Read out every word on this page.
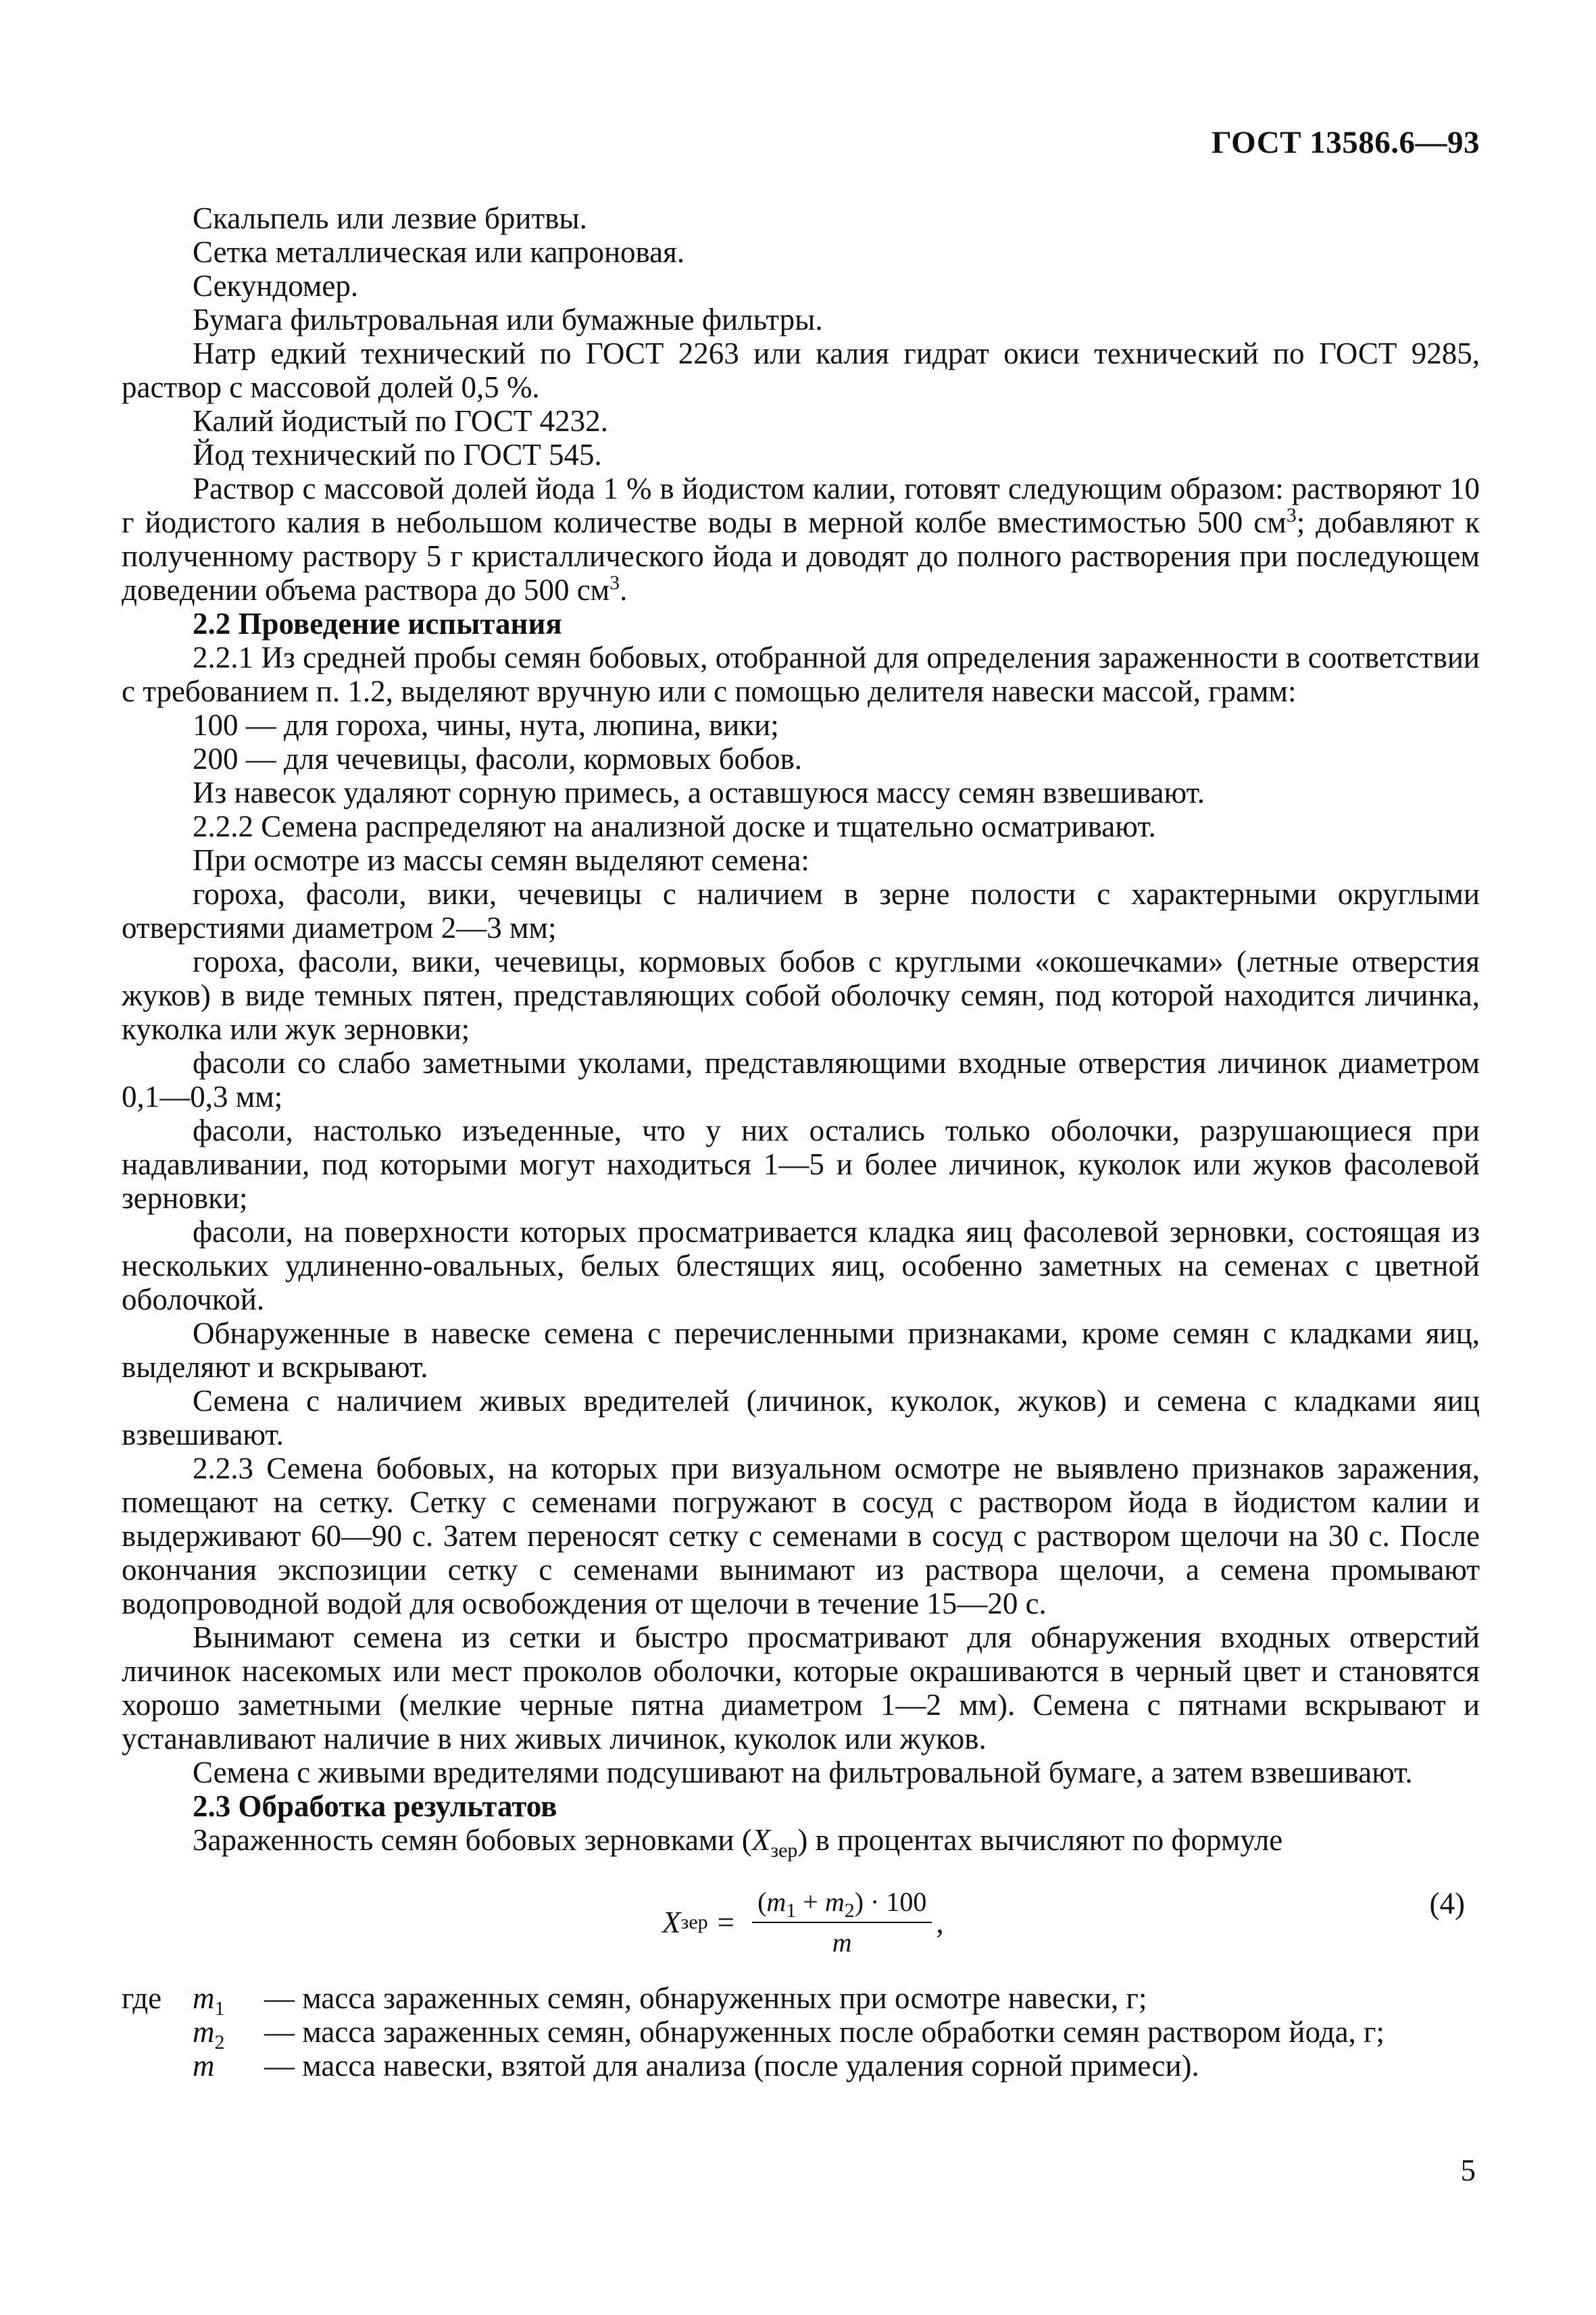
ГОСТ 13586.6—93

Скальпель или лезвие бритвы.

Сетка металлическая или капроновая.

Секундомер.

Бумага фильтровальная или бумажные фильтры.

Натр едкий технический по ГОСТ 2263 или калия гидрат окиси технический по ГОСТ 9285, раствор с массовой долей 0,5 %.

Калий йодистый по ГОСТ 4232.

Йод технический по ГОСТ 545.

Раствор с массовой долей йода 1 % в йодистом калии, готовят следующим образом: растворяют 10 г йодистого калия в небольшом количестве воды в мерной колбе вместимостью 500 $см^3$; добавляют к полученному раствору 5 г кристаллического йода и доводят до полного растворения при последующем доведении объема раствора до 500 $см^3$.

2.2 Проведение испытания

2.2.1 Из средней пробы семян бобовых, отобранной для определения зараженности в соответствии с требованием п. 1.2, выделяют вручную или с помощью делителя навески массой, грамм:

100 — для гороха, чины, нута, люпина, вики;

200 — для чечевицы, фасоли, кормовых бобов.

Из навесок удаляют сорную примесь, а оставшуюся массу семян взвешивают.

2.2.2 Семена распределяют на анализной доске и тщательно осматривают.

При осмотре из массы семян выделяют семена:

гороха, фасоли, вики, чечевицы с наличием в зерне полости с характерными округлыми отверстиями диаметром 2—3 мм;

гороха, фасоли, вики, чечевицы, кормовых бобов с круглыми «окошечками» (летные отверстия жуков) в виде темных пятен, представляющих собой оболочку семян, под которой находится личинка, куколка или жук зерновки;

фасоли со слабо заметными уколами, представляющими входные отверстия личинок диаметром 0,1—0,3 мм;

фасоли, настолько изъеденные, что у них остались только оболочки, разрушающиеся при надавливании, под которыми могут находиться 1—5 и более личинок, куколок или жуков фасолевой зерновки;

фасоли, на поверхности которых просматривается кладка яиц фасолевой зерновки, состоящая из нескольких удлиненно-овальных, белых блестящих яиц, особенно заметных на семенах с цветной оболочкой.

Обнаруженные в навеске семена с перечисленными признаками, кроме семян с кладками яиц, выделяют и вскрывают.

Семена с наличием живых вредителей (личинок, куколок, жуков) и семена с кладками яиц взвешивают.

2.2.3 Семена бобовых, на которых при визуальном осмотре не выявлено признаков заражения, помещают на сетку. Сетку с семенами погружают в сосуд с раствором йода в йодистом калии и выдерживают 60—90 с. Затем переносят сетку с семенами в сосуд с раствором щелочи на 30 с. После окончания экспозиции сетку с семенами вынимают из раствора щелочи, а семена промывают водопроводной водой для освобождения от щелочи в течение 15—20 с.

Вынимают семена из сетки и быстро просматривают для обнаружения входных отверстий личинок насекомых или мест проколов оболочки, которые окрашиваются в черный цвет и становятся хорошо заметными (мелкие черные пятна диаметром 1—2 мм). Семена с пятнами вскрывают и устанавливают наличие в них живых личинок, куколок или жуков.

Семена с живыми вредителями подсушивают на фильтровальной бумаге, а затем взвешивают.

2.3 Обработка результатов

Зараженность семян бобовых зерновками $(X_{зер})$ в процентах вычисляют по формуле

X зер = $\frac{(m_1 + m_2) \cdot 100}{m}$ ,
(4)
где	$m_1$	— масса зараженных семян, обнаруженных при осмотре навески, г;
$m_2$	— масса зараженных семян, обнаруженных после обработки семян раствором йода, г;
m	— масса навески, взятой для анализа (после удаления сорной примеси).
5
